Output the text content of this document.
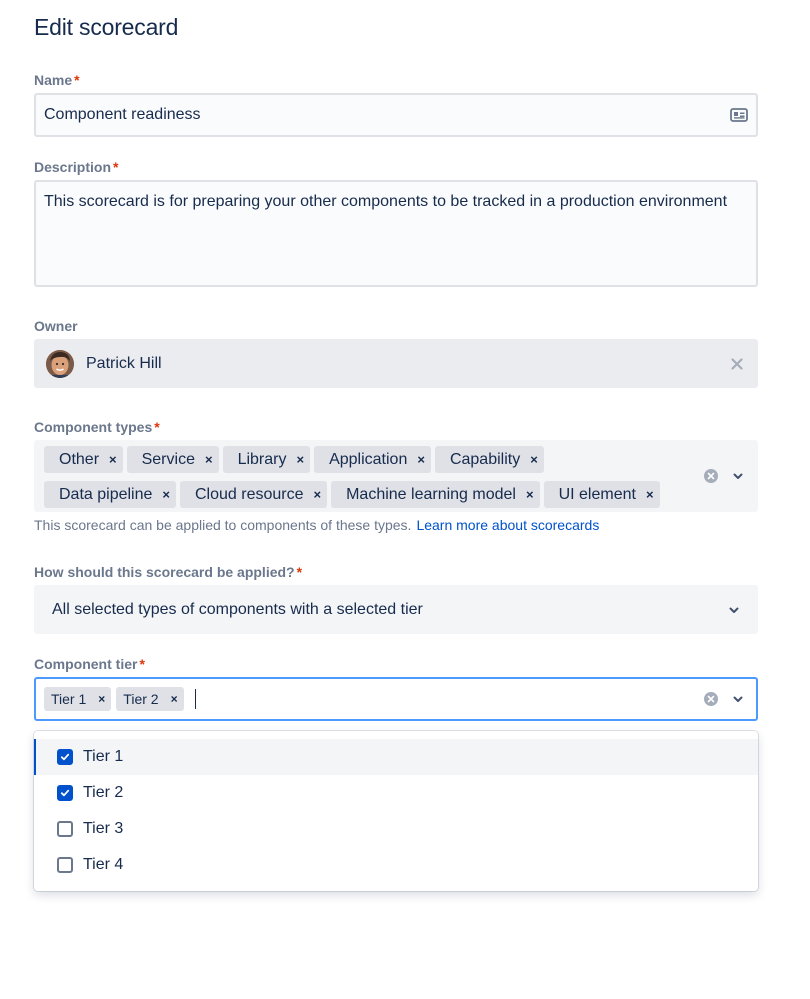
Edit scorecard
Name *
Component readiness
Description *
This scorecard is for preparing your other components to be tracked in a production environment
Owner
Patrick Hill
Component types *
Other × Service × Library × Application × Capability ×
Data pipeline × Cloud resource × Machine learning model × UI element ×
This scorecard can be applied to components of these types. Learn more about scorecards
How should this scorecard be applied? *
All selected types of components with a selected tier
Component tier *
Tier 1 × Tier 2 ×
Tier 1
Tier 2
Tier 3
Tier 4
